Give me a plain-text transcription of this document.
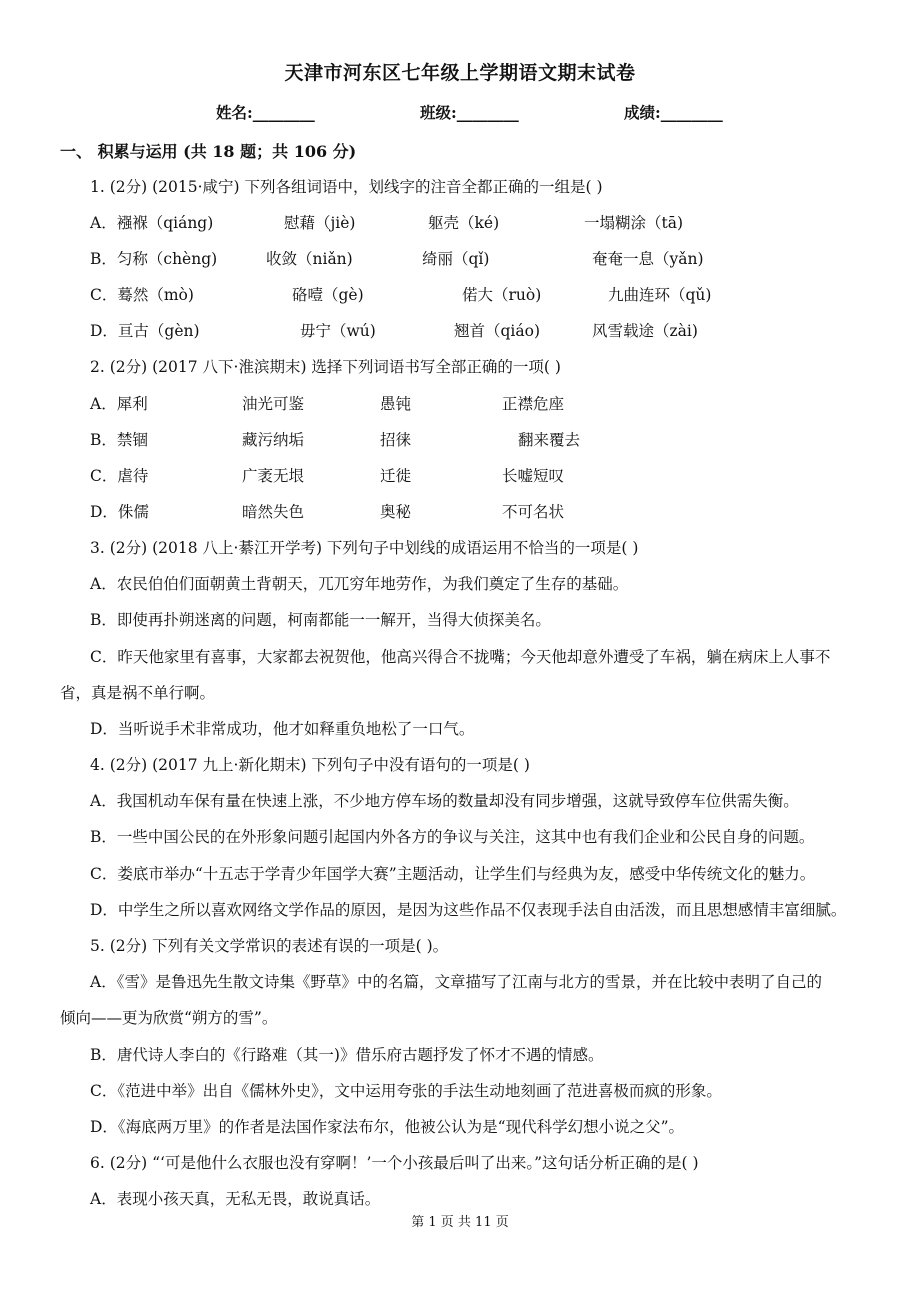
天津市河东区七年级上学期语文期末试卷
姓名:________	班级:________	成绩:________
一、 积累与运用 (共 18 题；共 106 分)
1. (2分) (2015·咸宁) 下列各组词语中，划线字的注音全都正确的一组是( )
A．襁褓（qiáng)	慰藉（jiè)	躯壳（ké)	一塌糊涂（tā)
B．匀称（chèng)	收敛（niǎn)	绮丽（qǐ)	奄奄一息（yǎn)
C．蓦然（mò)	硌噎（gè)	偌大（ruò)	九曲连环（qǔ)
D．亘古（gèn)	毋宁（wú)	翘首（qiáo)	风雪载途（zài)
2. (2分) (2017 八下·淮滨期末) 选择下列词语书写全部正确的一项( )
A．犀利	油光可鉴	愚钝	正襟危座
B．禁锢	藏污纳垢	招徕	翻来覆去
C．虐待	广袤无垠	迁徙	长嘘短叹
D．侏儒	暗然失色	奥秘	不可名状
3. (2分) (2018 八上·綦江开学考) 下列句子中划线的成语运用不恰当的一项是( )
A．农民伯伯们面朝黄土背朝天，兀兀穷年地劳作，为我们奠定了生存的基础。
B．即使再扑朔迷离的问题，柯南都能一一解开，当得大侦探美名。
C．昨天他家里有喜事，大家都去祝贺他，他高兴得合不拢嘴；今天他却意外遭受了车祸，躺在病床上人事不
省，真是祸不单行啊。
D．当听说手术非常成功，他才如释重负地松了一口气。
4. (2分) (2017 九上·新化期末) 下列句子中没有语句的一项是( )
A．我国机动车保有量在快速上涨，不少地方停车场的数量却没有同步增强，这就导致停车位供需失衡。
B．一些中国公民的在外形象问题引起国内外各方的争议与关注，这其中也有我们企业和公民自身的问题。
C．娄底市举办“十五志于学青少年国学大赛”主题活动，让学生们与经典为友，感受中华传统文化的魅力。
D．中学生之所以喜欢网络文学作品的原因，是因为这些作品不仅表现手法自由活泼，而且思想感情丰富细腻。
5. (2分) 下列有关文学常识的表述有误的一项是( )。
A．《雪》是鲁迅先生散文诗集《野草》中的名篇，文章描写了江南与北方的雪景，并在比较中表明了自己的
倾向——更为欣赏“朔方的雪”。
B．唐代诗人李白的《行路难（其一)》借乐府古题抒发了怀才不遇的情感。
C．《范进中举》出自《儒林外史》，文中运用夸张的手法生动地刻画了范进喜极而疯的形象。
D．《海底两万里》的作者是法国作家法布尔，他被公认为是“现代科学幻想小说之父”。
6. (2分) “‘可是他什么衣服也没有穿啊！’一个小孩最后叫了出来。”这句话分析正确的是( )
A．表现小孩天真，无私无畏，敢说真话。
第 1 页 共 11 页
